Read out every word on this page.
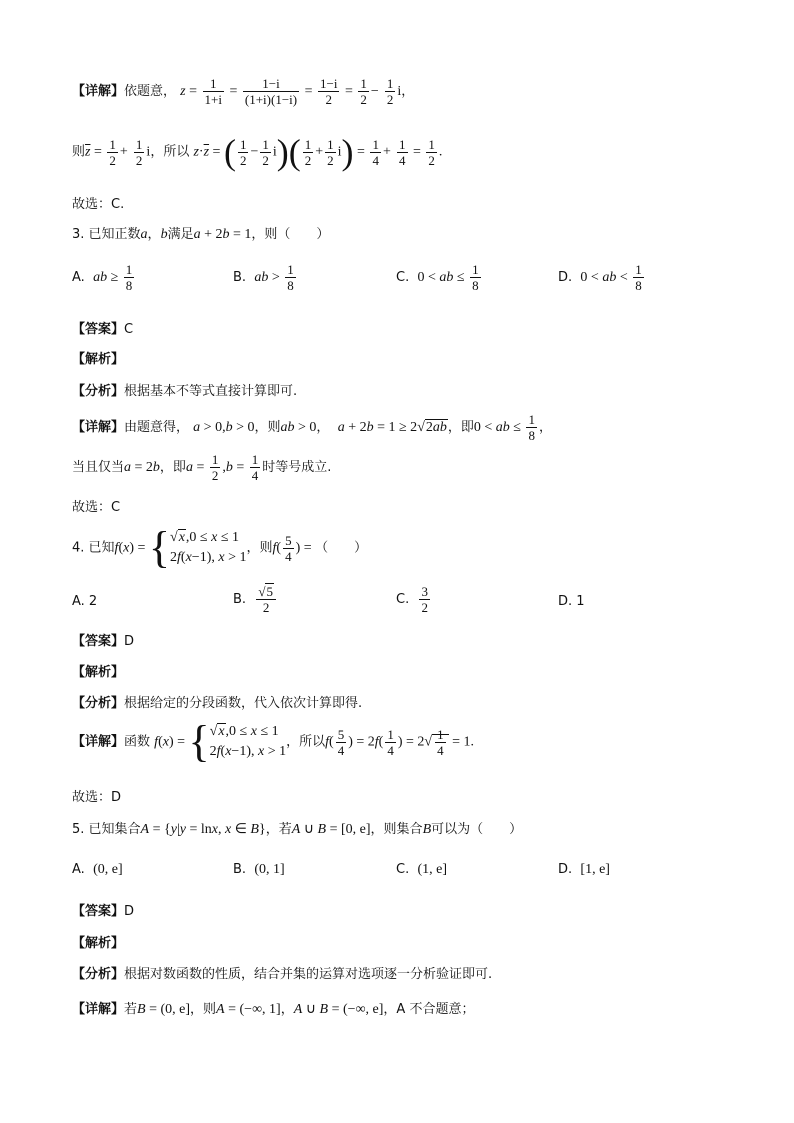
【详解】依题意， $z = \frac{1}{1+i} = \frac{1-i}{(1+i)(1-i)} = \frac{1-i}{2} = \frac{1}{2} - \frac{1}{2}$ i，
则$\overline{z} = \frac{1}{2} + \frac{1}{2}$ i，所以 $z\cdot\overline{z}$ = ( $\frac{1}{2} - \frac{1}{2} i)( \frac{1}{2} + \frac{1}{2} i) = \frac{1}{4} + \frac{1}{4} = \frac{1}{2}$ .
故选：C.
3. 已知正数a，b满足a + 2b = 1，则（　　）
A. ab ≥ $\frac{1}{8}$	B. ab > $\frac{1}{8}$	C. 0 < ab ≤ $\frac{1}{8}$	D. 0 < ab < $\frac{1}{8}$
【答案】C
【解析】
【分析】根据基本不等式直接计算即可.
【详解】由题意得， a > 0,b > 0，则ab > 0，  a + 2b = 1 ≥ 2√2ab，即0 < ab ≤ $\frac{1}{8}$ ，
当且仅当a = 2b，即$a = \frac{1}{2} ,b = \frac{1}{4}$ 时等号成立.
故选：C
4. 已知f(x) = { √x,0 ≤ x ≤ 1
2f(x−1), x > 1
，则$f( \frac{5}{4}$ ) = （　　）
A. 2	B. $\frac{√5}{2}$	C. $\frac{3}{2}$	D. 1
【答案】D
【解析】
【分析】根据给定的分段函数，代入依次计算即得.
【详解】函数 f(x) = { √x,0 ≤ x ≤ 1
2f(x−1), x > 1
，所以$f( \frac{5}{4}$ ) = $2f( \frac{1}{4}$ ) = $2√ \frac{1}{4} = 1$.
故选：D
5. 已知集合A = {y|y = lnx, x ∈ B}，若A ∪ B = [0, e]，则集合B可以为（　　）
A. (0, e]	B. (0, 1]	C. (1, e]	D. [1, e]
【答案】D
【解析】
【分析】根据对数函数的性质，结合并集的运算对选项逐一分析验证即可.
【详解】若B = (0, e]，则A = (−∞, 1]，A ∪ B = (−∞, e]，A 不合题意；
